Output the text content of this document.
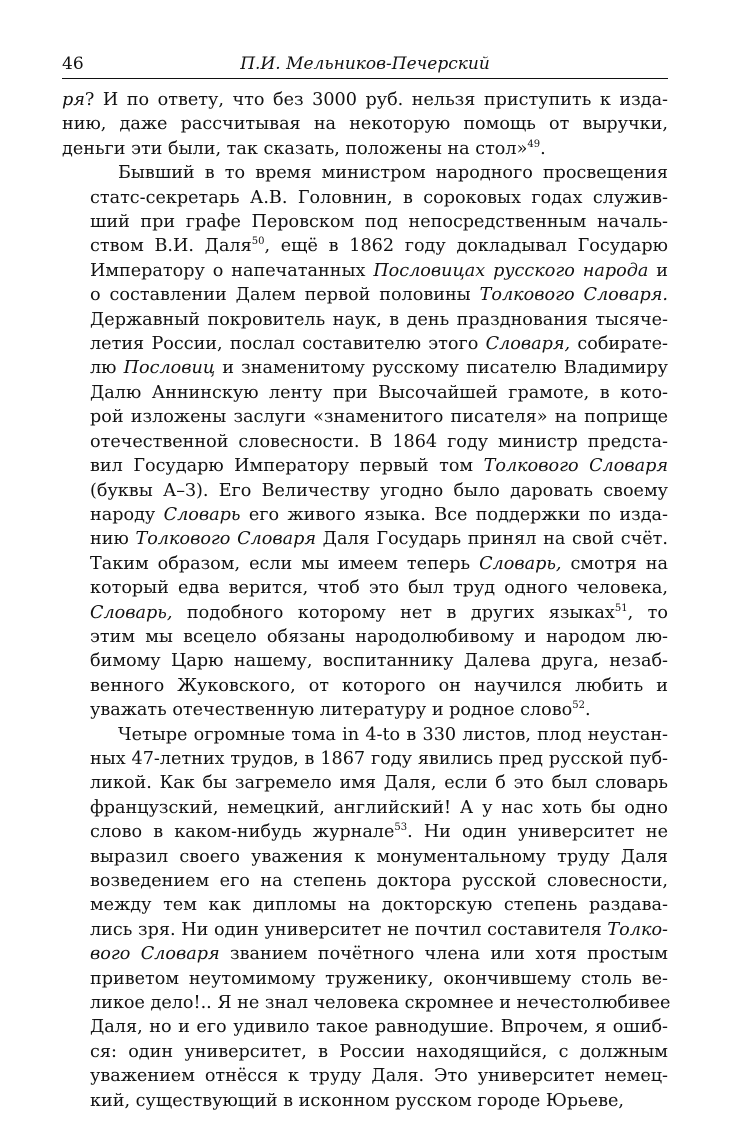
46	П.И. Мельников-Печерский
ря? И по ответу, что без 3000 руб. нельзя приступить к изда-
нию, даже рассчитывая на некоторую помощь от выручки,
деньги эти были, так сказать, положены на стол»$^{49}$.
Бывший в то время министром народного просвещения
статс-секретарь А.В. Головнин, в сороковых годах служив-
ший при графе Перовском под непосредственным началь-
ством В.И. Даля$^{50}$, ещё в 1862 году докладывал Государю
Императору о напечатанных Пословицах русского народа и
о составлении Далем первой половины Толкового Словаря.
Державный покровитель наук, в день празднования тысяче-
летия России, послал составителю этого Словаря, собирате-
лю Пословиц и знаменитому русскому писателю Владимиру
Далю Аннинскую ленту при Высочайшей грамоте, в кото-
рой изложены заслуги «знаменитого писателя» на поприще
отечественной словесности. В 1864 году министр предста-
вил Государю Императору первый том Толкового Словаря
(буквы А–З). Его Величеству угодно было даровать своему
народу Словарь его живого языка. Все поддержки по изда-
нию Толкового Словаря Даля Государь принял на свой счёт.
Таким образом, если мы имеем теперь Словарь, смотря на
который едва верится, чтоб это был труд одного человека,
Словарь, подобного которому нет в других языках$^{51}$, то
этим мы всецело обязаны народолюбивому и народом лю-
бимому Царю нашему, воспитаннику Далева друга, незаб-
венного Жуковского, от которого он научился любить и
уважать отечественную литературу и родное слово$^{52}$.
Четыре огромные тома in 4-to в 330 листов, плод неустан-
ных 47-летних трудов, в 1867 году явились пред русской пуб-
ликой. Как бы загремело имя Даля, если б это был словарь
французский, немецкий, английский! А у нас хоть бы одно
слово в каком-нибудь журнале$^{53}$. Ни один университет не
выразил своего уважения к монументальному труду Даля
возведением его на степень доктора русской словесности,
между тем как дипломы на докторскую степень раздава-
лись зря. Ни один университет не почтил составителя Толко-
вого Словаря званием почётного члена или хотя простым
приветом неутомимому труженику, окончившему столь ве-
ликое дело!.. Я не знал человека скромнее и нечестолюбивее
Даля, но и его удивило такое равнодушие. Впрочем, я ошиб-
ся: один университет, в России находящийся, с должным
уважением отнёсся к труду Даля. Это университет немец-
кий, существующий в исконном русском городе Юрьеве,
